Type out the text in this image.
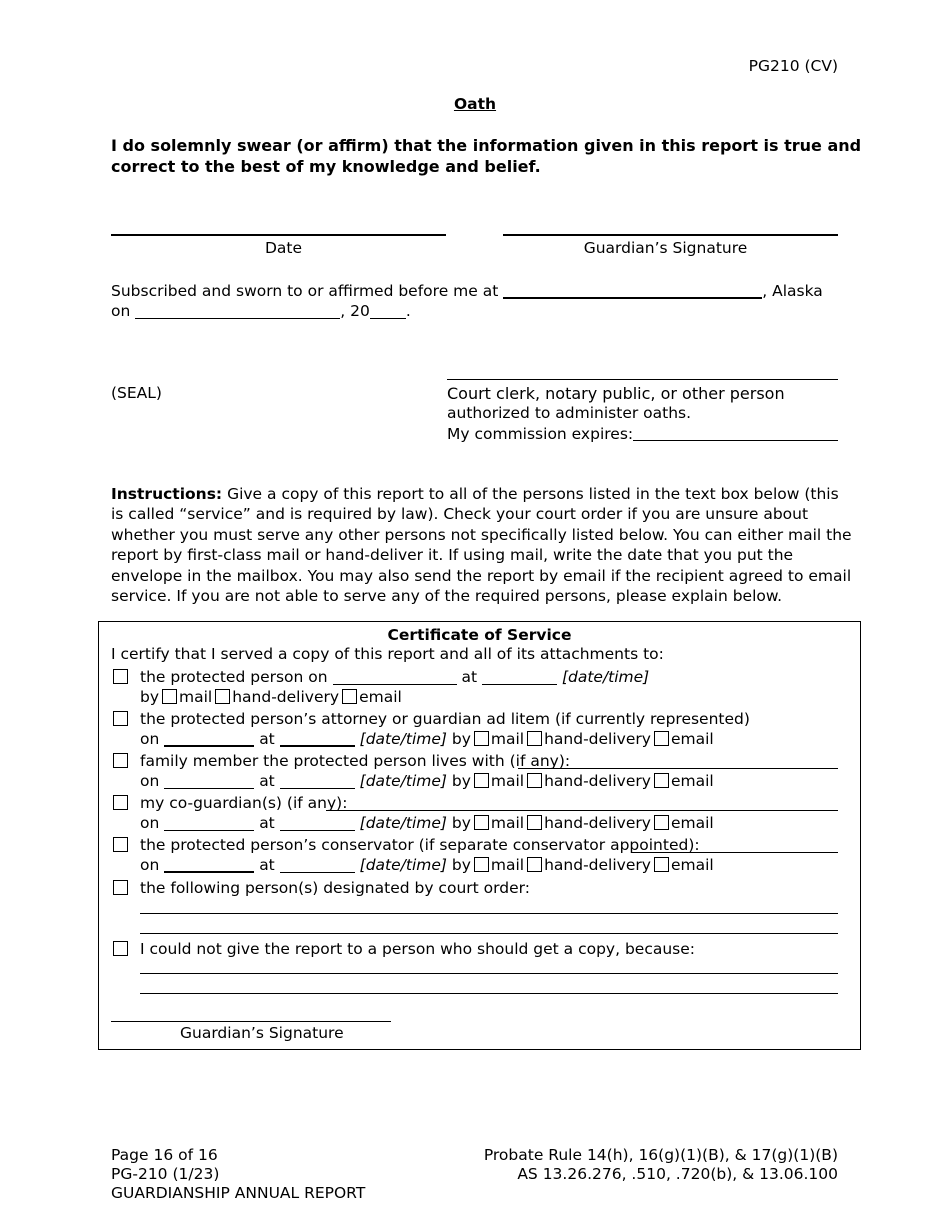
PG210 (CV)
Oath
I do solemnly swear (or affirm) that the information given in this report is true and
correct to the best of my knowledge and belief.
Date	Guardian’s Signature
Subscribed and sworn to or affirmed before me at	, Alaska
on	, 20 .
(SEAL)	Court clerk, notary public, or other person
authorized to administer oaths.
My commission expires:
Instructions: Give a copy of this report to all of the persons listed in the text box below (this
is called “service” and is required by law). Check your court order if you are unsure about
whether you must serve any other persons not specifically listed below. You can either mail the
report by first-class mail or hand-deliver it. If using mail, write the date that you put the
envelope in the mailbox. You may also send the report by email if the recipient agreed to email
service. If you are not able to serve any of the required persons, please explain below.
Certificate of Service
I certify that I served a copy of this report and all of its attachments to:
the protected person on	at	[date/time]
by mail hand-delivery email
the protected person’s attorney or guardian ad litem (if currently represented)
on	at	[date/time] by mail hand-delivery email
family member the protected person lives with (if any):
on	at	[date/time] by mail hand-delivery email
my co-guardian(s) (if any):
on	at	[date/time] by mail hand-delivery email
the protected person’s conservator (if separate conservator appointed):
on	at	[date/time] by mail hand-delivery email
the following person(s) designated by court order:
I could not give the report to a person who should get a copy, because:
Guardian’s Signature
Page 16 of 16
PG-210 (1/23)
GUARDIANSHIP ANNUAL REPORT
Probate Rule 14(h), 16(g)(1)(B), & 17(g)(1)(B)
AS 13.26.276, .510, .720(b), & 13.06.100
